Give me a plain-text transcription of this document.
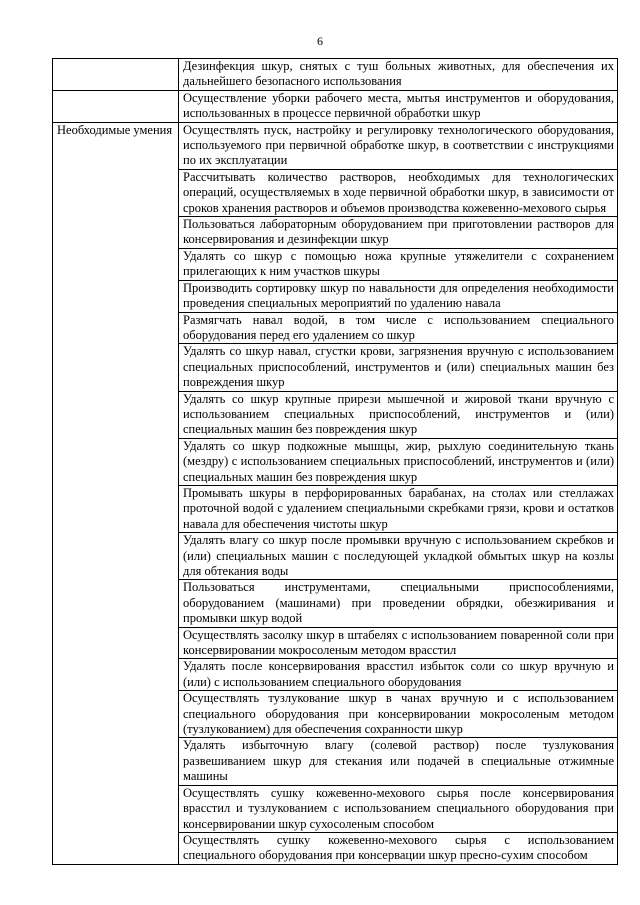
6
	Дезинфекция шкур, снятых с туш больных животных, для обеспечения их дальнейшего безопасного использования
	Осуществление уборки рабочего места, мытья инструментов и оборудования, использованных в процессе первичной обработки шкур

Необходимые умения	Осуществлять пуск, настройку и регулировку технологического оборудования, используемого при первичной обработке шкур, в соответствии с инструкциями по их эксплуатации
	Рассчитывать количество растворов, необходимых для технологических операций, осуществляемых в ходе первичной обработки шкур, в зависимости от сроков хранения растворов и объемов производства кожевенно-мехового сырья
	Пользоваться лабораторным оборудованием при приготовлении растворов для консервирования и дезинфекции шкур
	Удалять со шкур с помощью ножа крупные утяжелители с сохранением прилегающих к ним участков шкуры
	Производить сортировку шкур по навальности для определения необходимости проведения специальных мероприятий по удалению навала
	Размягчать навал водой, в том числе с использованием специального оборудования перед его удалением со шкур
	Удалять со шкур навал, сгустки крови, загрязнения вручную с использованием специальных приспособлений, инструментов и (или) специальных машин без повреждения шкур
	Удалять со шкур крупные прирези мышечной и жировой ткани вручную с использованием специальных приспособлений, инструментов и (или) специальных машин без повреждения шкур
	Удалять со шкур подкожные мышцы, жир, рыхлую соединительную ткань (мездру) с использованием специальных приспособлений, инструментов и (или) специальных машин без повреждения шкур
	Промывать шкуры в перфорированных барабанах, на столах или стеллажах проточной водой с удалением специальными скребками грязи, крови и остатков навала для обеспечения чистоты шкур
	Удалять влагу со шкур после промывки вручную с использованием скребков и (или) специальных машин с последующей укладкой обмытых шкур на козлы для обтекания воды
	Пользоваться инструментами, специальными приспособлениями, оборудованием (машинами) при проведении обрядки, обезжиривания и промывки шкур водой
	Осуществлять засолку шкур в штабелях с использованием поваренной соли при консервировании мокросоленым методом врасстил
	Удалять после консервирования врасстил избыток соли со шкур вручную и (или) с использованием специального оборудования
	Осуществлять тузлукование шкур в чанах вручную и с использованием специального оборудования при консервировании мокросоленым методом (тузлукованием) для обеспечения сохранности шкур
	Удалять избыточную влагу (солевой раствор) после тузлукования развешиванием шкур для стекания или подачей в специальные отжимные машины
	Осуществлять сушку кожевенно-мехового сырья после консервирования врасстил и тузлукованием с использованием специального оборудования при консервировании шкур сухосоленым способом
	Осуществлять сушку кожевенно-мехового сырья с использованием специального оборудования при консервации шкур пресно-сухим способом
